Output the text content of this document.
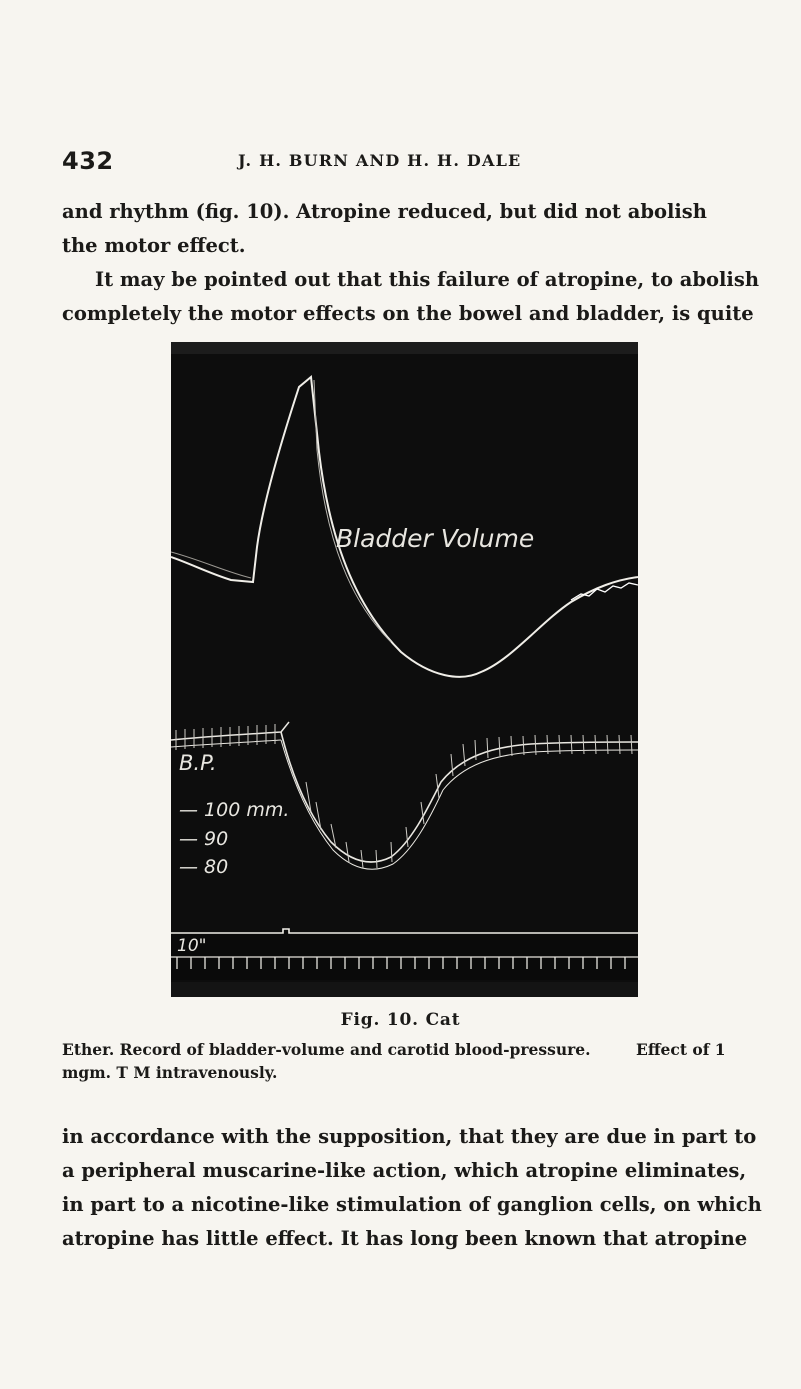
432	J. H. BURN AND H. H. DALE
and rhythm (fig. 10). Atropine reduced, but did not abolish
the motor effect.
It may be pointed out that this failure of atropine, to abolish
completely the motor effects on the bowel and bladder, is quite
Bladder Volume
B.P.
— 100 mm.
— 90
— 80
10"
Fig. 10. Cat
Ether. Record of bladder-volume and carotid blood-pressure.	Effect of 1
mgm. T M intravenously.
in accordance with the supposition, that they are due in part to
a peripheral muscarine-like action, which atropine eliminates,
in part to a nicotine-like stimulation of ganglion cells, on which
atropine has little effect. It has long been known that atropine
